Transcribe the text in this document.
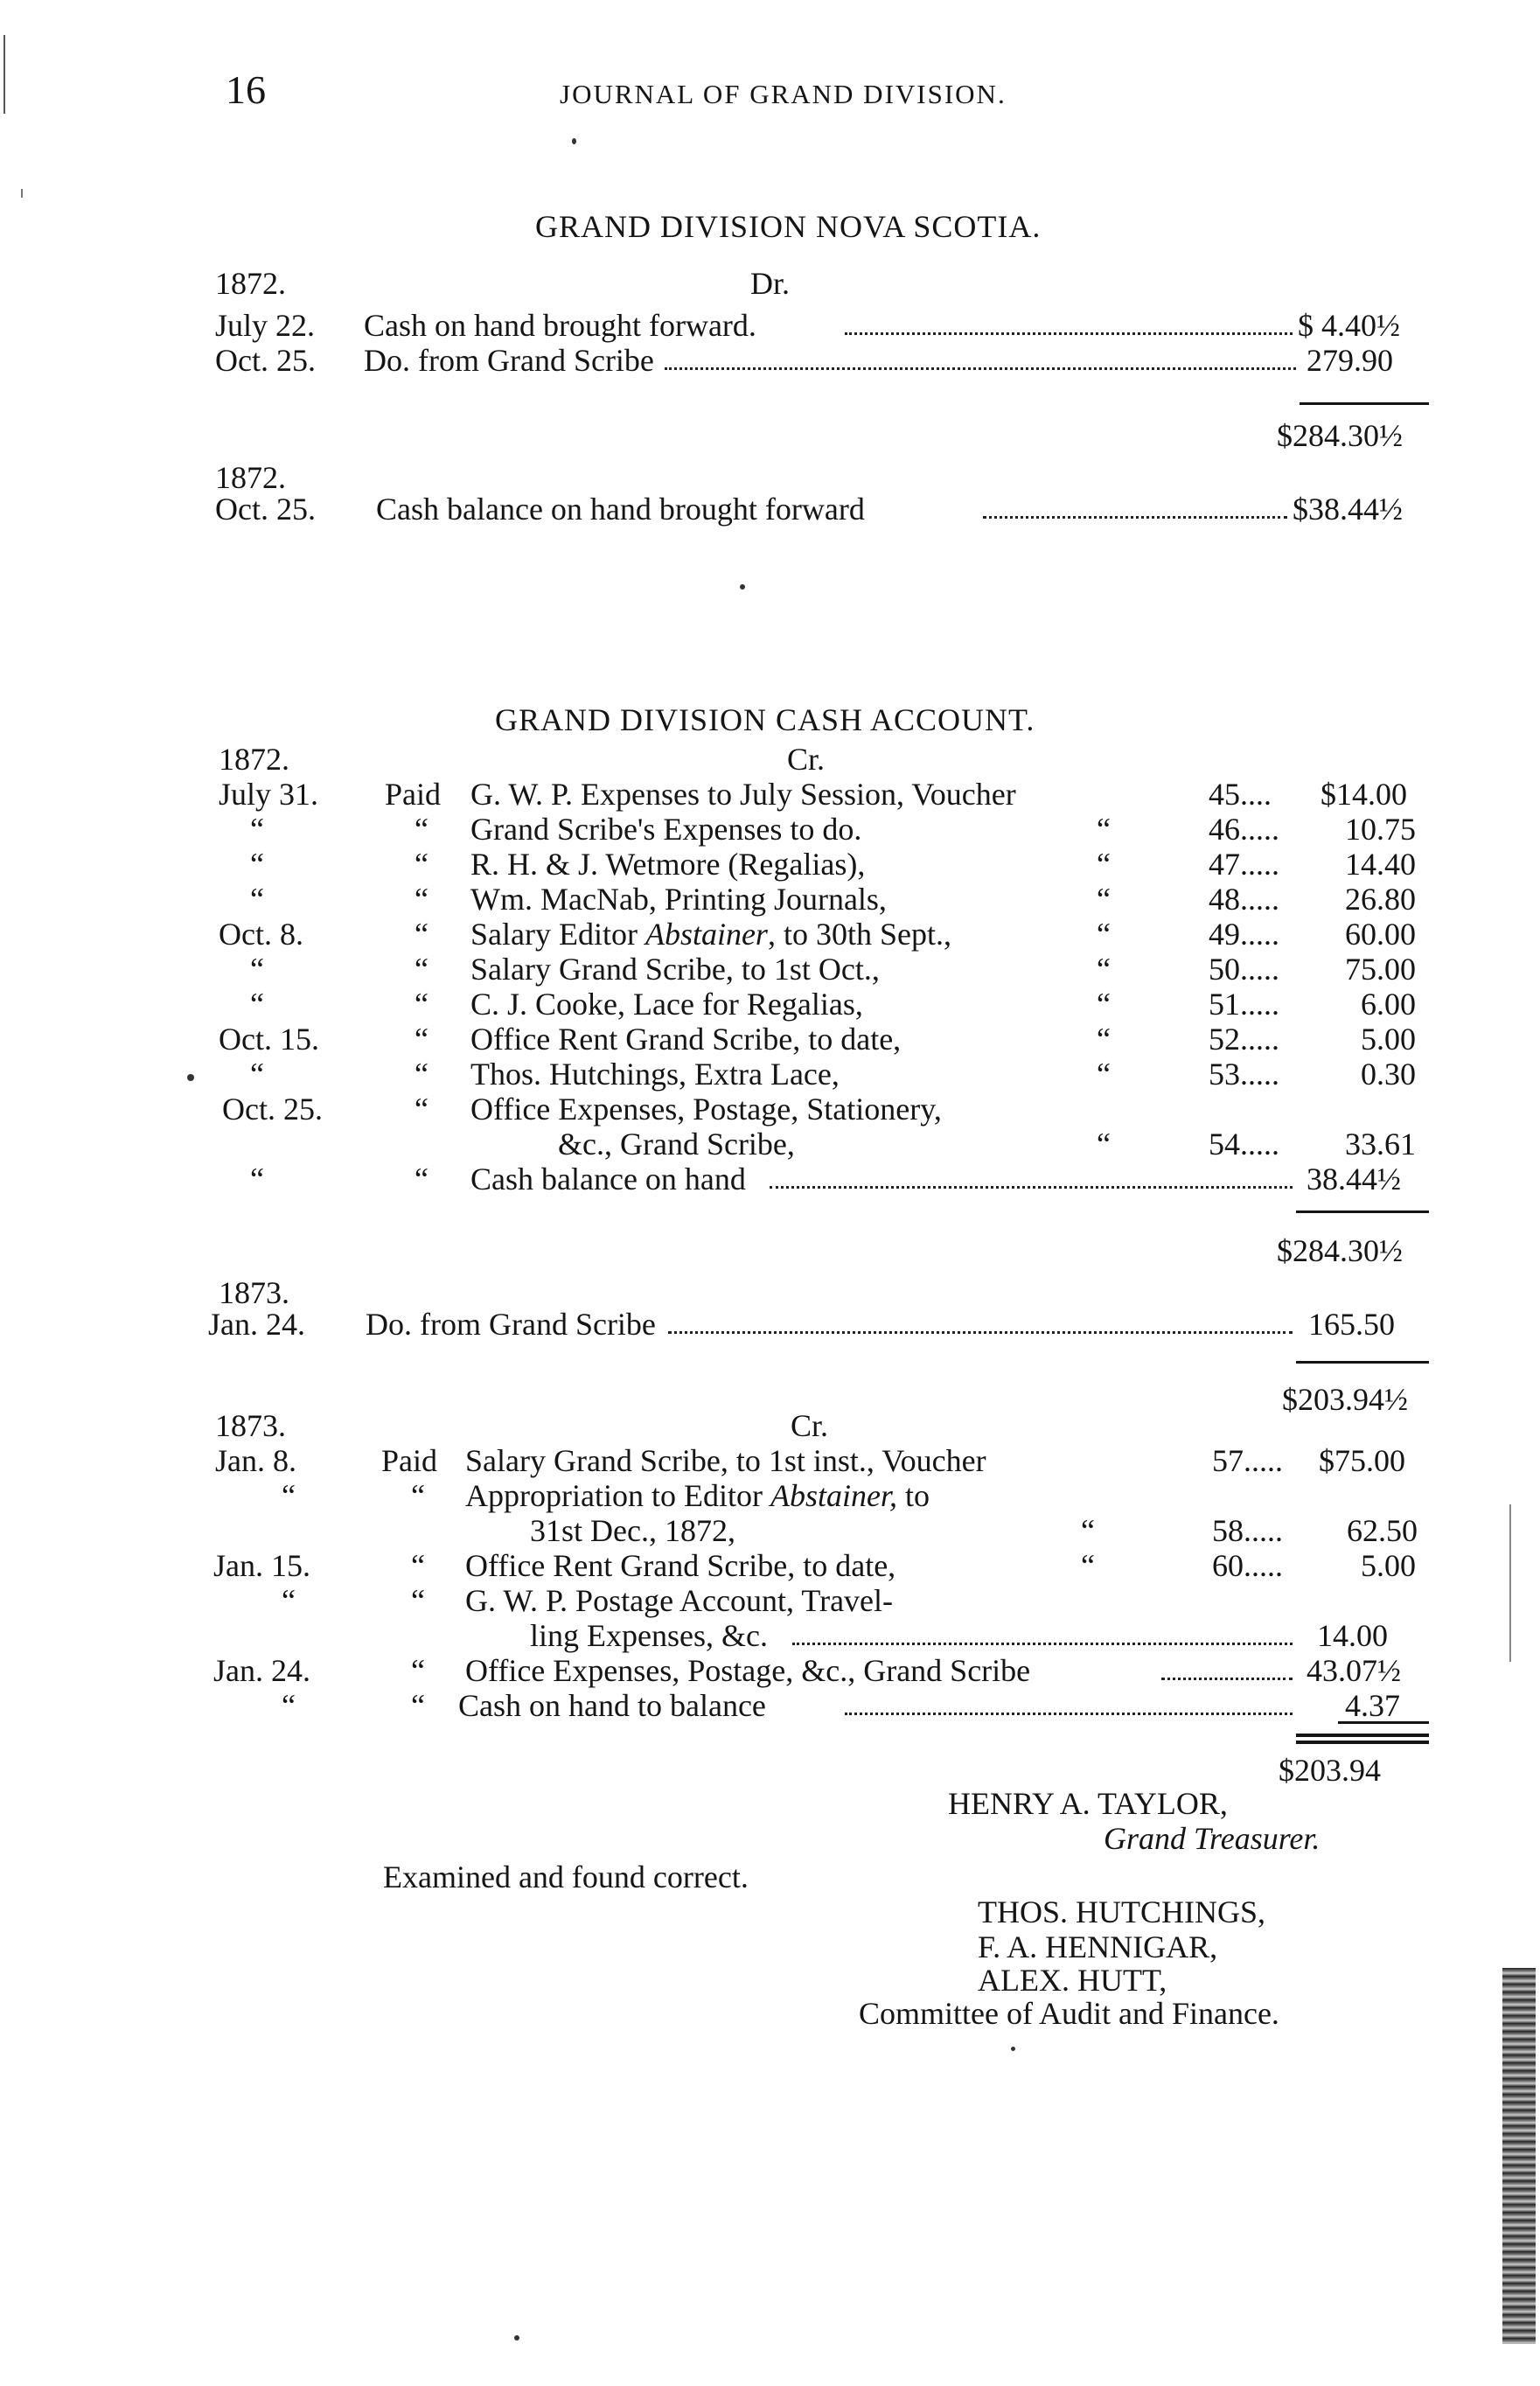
16	JOURNAL OF GRAND DIVISION.
GRAND DIVISION NOVA SCOTIA.
1872.	Dr.
July 22. Cash on hand brought forward.	$ 4.40½
Oct. 25. Do. from Grand Scribe	279.90
$284.30½
1872.
Oct. 25. Cash balance on hand brought forward	$38.44½
GRAND DIVISION CASH ACCOUNT.
1872.	Cr.
July 31. Paid G. W. P. Expenses to July Session, Voucher	45.... $14.00
“	“ Grand Scribe's Expenses to do.	“	46..... 10.75
“	“ R. H. & J. Wetmore (Regalias),	“	47..... 14.40
“	“ Wm. MacNab, Printing Journals,	“	48..... 26.80
Oct. 8.	“ Salary Editor Abstainer, to 30th Sept.,	“	49..... 60.00
“	“ Salary Grand Scribe, to 1st Oct.,	“	50..... 75.00
“	“ C. J. Cooke, Lace for Regalias,	“	51.....	6.00
Oct. 15.	“ Office Rent Grand Scribe, to date,	“	52.....	5.00
“	“ Thos. Hutchings, Extra Lace,	“	53.....	0.30
Oct. 25.	“ Office Expenses, Postage, Stationery,
&c., Grand Scribe,	“	54..... 33.61
“	“ Cash balance on hand	38.44½
$284.30½
1873.
Jan. 24. Do. from Grand Scribe	165.50
$203.94½
1873.	Cr.
Jan. 8.	Paid Salary Grand Scribe, to 1st inst., Voucher	57..... $75.00
“	“ Appropriation to Editor Abstainer, to
31st Dec., 1872,	“	58..... 62.50
Jan. 15.	“ Office Rent Grand Scribe, to date,	“	60..... 5.00
“	“ G. W. P. Postage Account, Travel-
ling Expenses, &c.	14.00
Jan. 24.	“ Office Expenses, Postage, &c., Grand Scribe	43.07½
“	“ Cash on hand to balance	4.37
$203.94
HENRY A. TAYLOR,
Grand Treasurer.
Examined and found correct.
THOS. HUTCHINGS,
F. A. HENNIGAR,
ALEX. HUTT,
Committee of Audit and Finance.
